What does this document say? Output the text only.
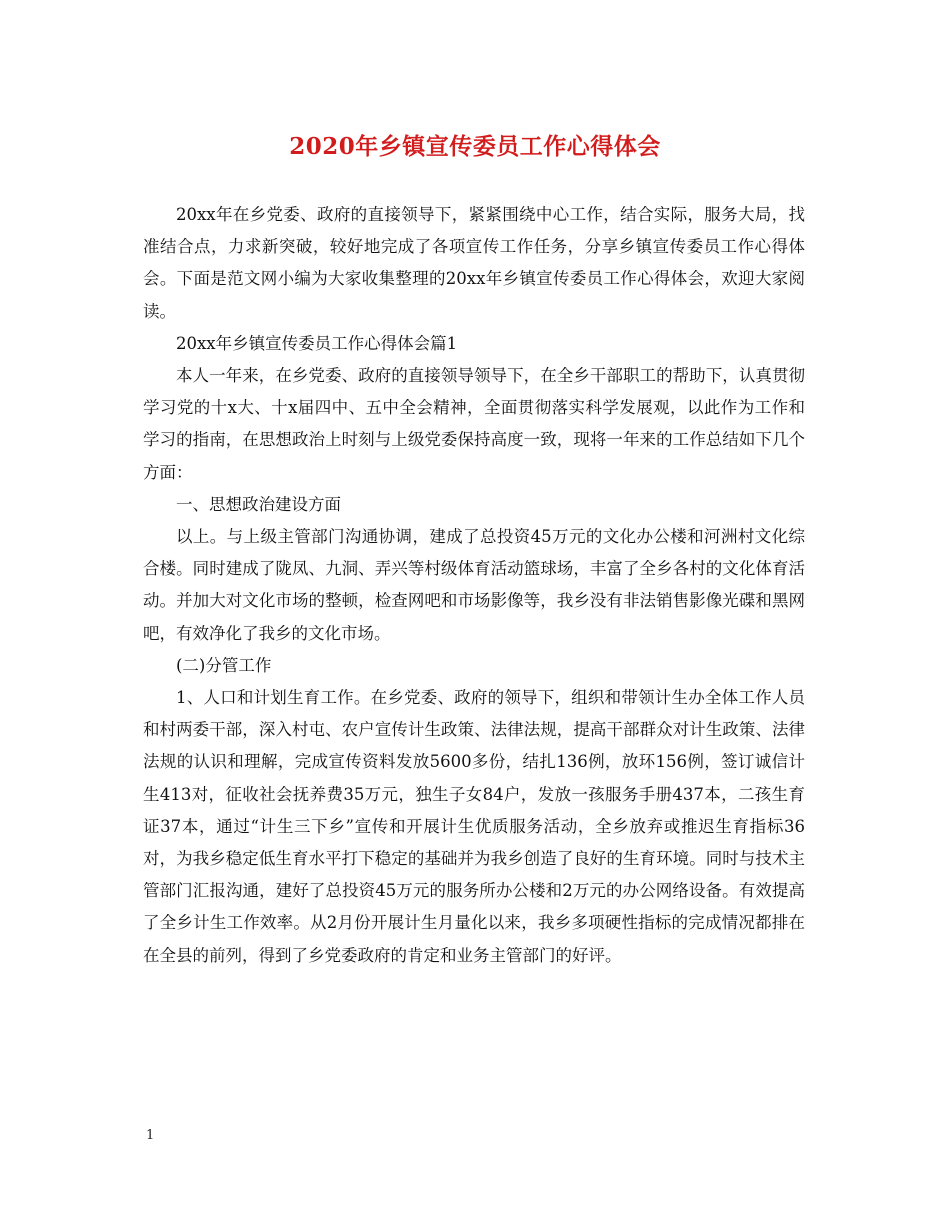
2020年乡镇宣传委员工作心得体会

20xx年在乡党委、政府的直接领导下，紧紧围绕中心工作，结合实际，服务大局，找准结合点，力求新突破，较好地完成了各项宣传工作任务，分享乡镇宣传委员工作心得体会。下面是范文网小编为大家收集整理的20xx年乡镇宣传委员工作心得体会，欢迎大家阅读。

20xx年乡镇宣传委员工作心得体会篇1

本人一年来，在乡党委、政府的直接领导领导下，在全乡干部职工的帮助下，认真贯彻学习党的十x大、十x届四中、五中全会精神，全面贯彻落实科学发展观，以此作为工作和学习的指南，在思想政治上时刻与上级党委保持高度一致，现将一年来的工作总结如下几个方面：

一、思想政治建设方面

以上。与上级主管部门沟通协调，建成了总投资45万元的文化办公楼和河洲村文化综合楼。同时建成了陇凤、九洞、弄兴等村级体育活动篮球场，丰富了全乡各村的文化体育活动。并加大对文化市场的整顿，检查网吧和市场影像等，我乡没有非法销售影像光碟和黑网吧，有效净化了我乡的文化市场。

(二)分管工作

1、人口和计划生育工作。在乡党委、政府的领导下，组织和带领计生办全体工作人员和村两委干部，深入村屯、农户宣传计生政策、法律法规，提高干部群众对计生政策、法律法规的认识和理解，完成宣传资料发放5600多份，结扎136例，放环156例，签订诚信计生413对，征收社会抚养费35万元，独生子女84户，发放一孩服务手册437本，二孩生育证37本，通过“计生三下乡”宣传和开展计生优质服务活动，全乡放弃或推迟生育指标36对，为我乡稳定低生育水平打下稳定的基础并为我乡创造了良好的生育环境。同时与技术主管部门汇报沟通，建好了总投资45万元的服务所办公楼和2万元的办公网络设备。有效提高了全乡计生工作效率。从2月份开展计生月量化以来，我乡多项硬性指标的完成情况都排在在全县的前列，得到了乡党委政府的肯定和业务主管部门的好评。

1
